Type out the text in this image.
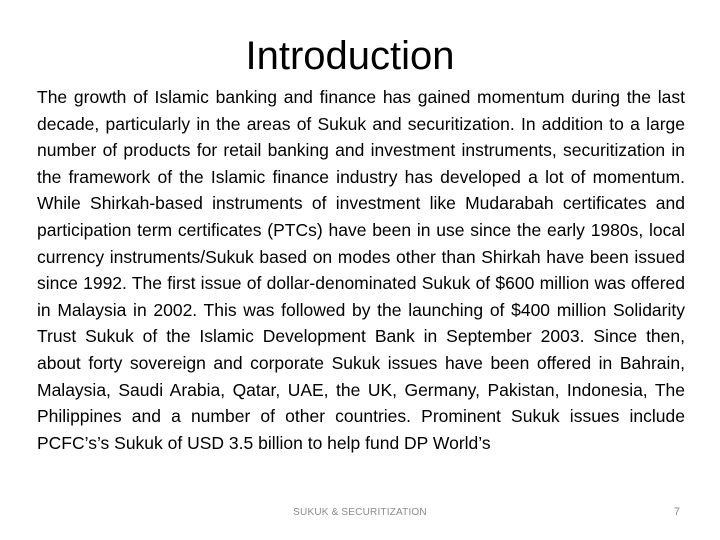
Introduction

The growth of Islamic banking and finance has gained momentum during the last decade, particularly in the areas of Sukuk and securitization. In addition to a large number of products for retail banking and investment instruments, securitization in the framework of the Islamic finance industry has developed a lot of momentum. While Shirkah-based instruments of investment like Mudarabah certificates and participation term certificates (PTCs) have been in use since the early 1980s, local currency instruments/Sukuk based on modes other than Shirkah have been issued since 1992. The first issue of dollar-denominated Sukuk of $600 million was offered in Malaysia in 2002. This was followed by the launching of $400 million Solidarity Trust Sukuk of the Islamic Development Bank in September 2003. Since then, about forty sovereign and corporate Sukuk issues have been offered in Bahrain, Malaysia, Saudi Arabia, Qatar, UAE, the UK, Germany, Pakistan, Indonesia, The Philippines and a number of other countries. Prominent Sukuk issues include PCFC’s’s Sukuk of USD 3.5 billion to help fund DP World’s

SUKUK & SECURITIZATION	7
